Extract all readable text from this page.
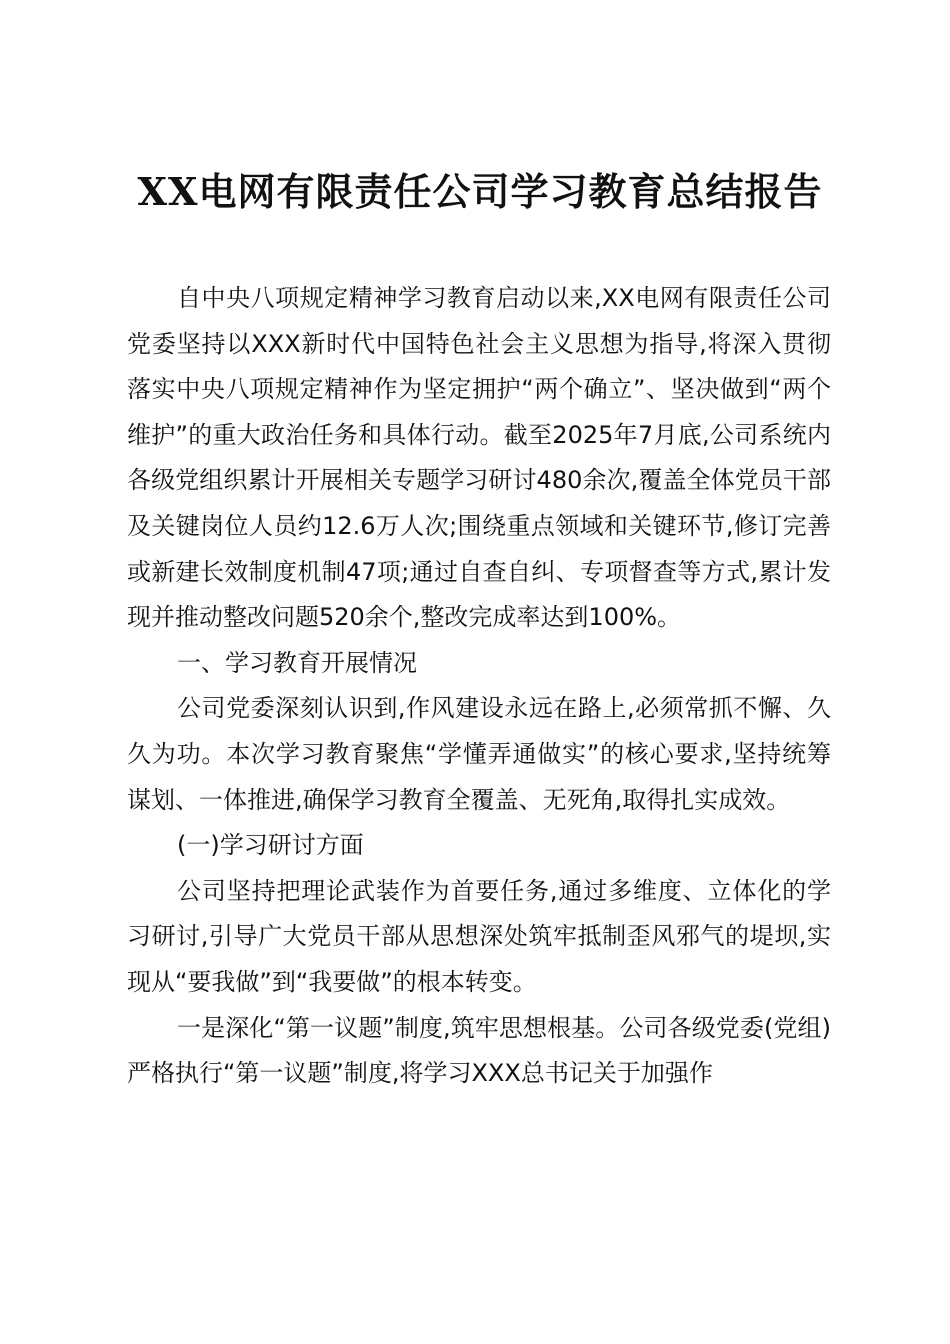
XX电网有限责任公司学习教育总结报告

自中央八项规定精神学习教育启动以来,XX电网有限责任公司党委坚持以XXX新时代中国特色社会主义思想为指导,将深入贯彻落实中央八项规定精神作为坚定拥护“两个确立”、坚决做到“两个维护”的重大政治任务和具体行动。截至2025年7月底,公司系统内各级党组织累计开展相关专题学习研讨480余次,覆盖全体党员干部及关键岗位人员约12.6万人次;围绕重点领域和关键环节,修订完善或新建长效制度机制47项;通过自查自纠、专项督查等方式,累计发现并推动整改问题520余个,整改完成率达到100%。

一、学习教育开展情况

公司党委深刻认识到,作风建设永远在路上,必须常抓不懈、久久为功。本次学习教育聚焦“学懂弄通做实”的核心要求,坚持统筹谋划、一体推进,确保学习教育全覆盖、无死角,取得扎实成效。

(一)学习研讨方面

公司坚持把理论武装作为首要任务,通过多维度、立体化的学习研讨,引导广大党员干部从思想深处筑牢抵制歪风邪气的堤坝,实现从“要我做”到“我要做”的根本转变。

一是深化“第一议题”制度,筑牢思想根基。公司各级党委(党组)严格执行“第一议题”制度,将学习XXX总书记关于加强作
